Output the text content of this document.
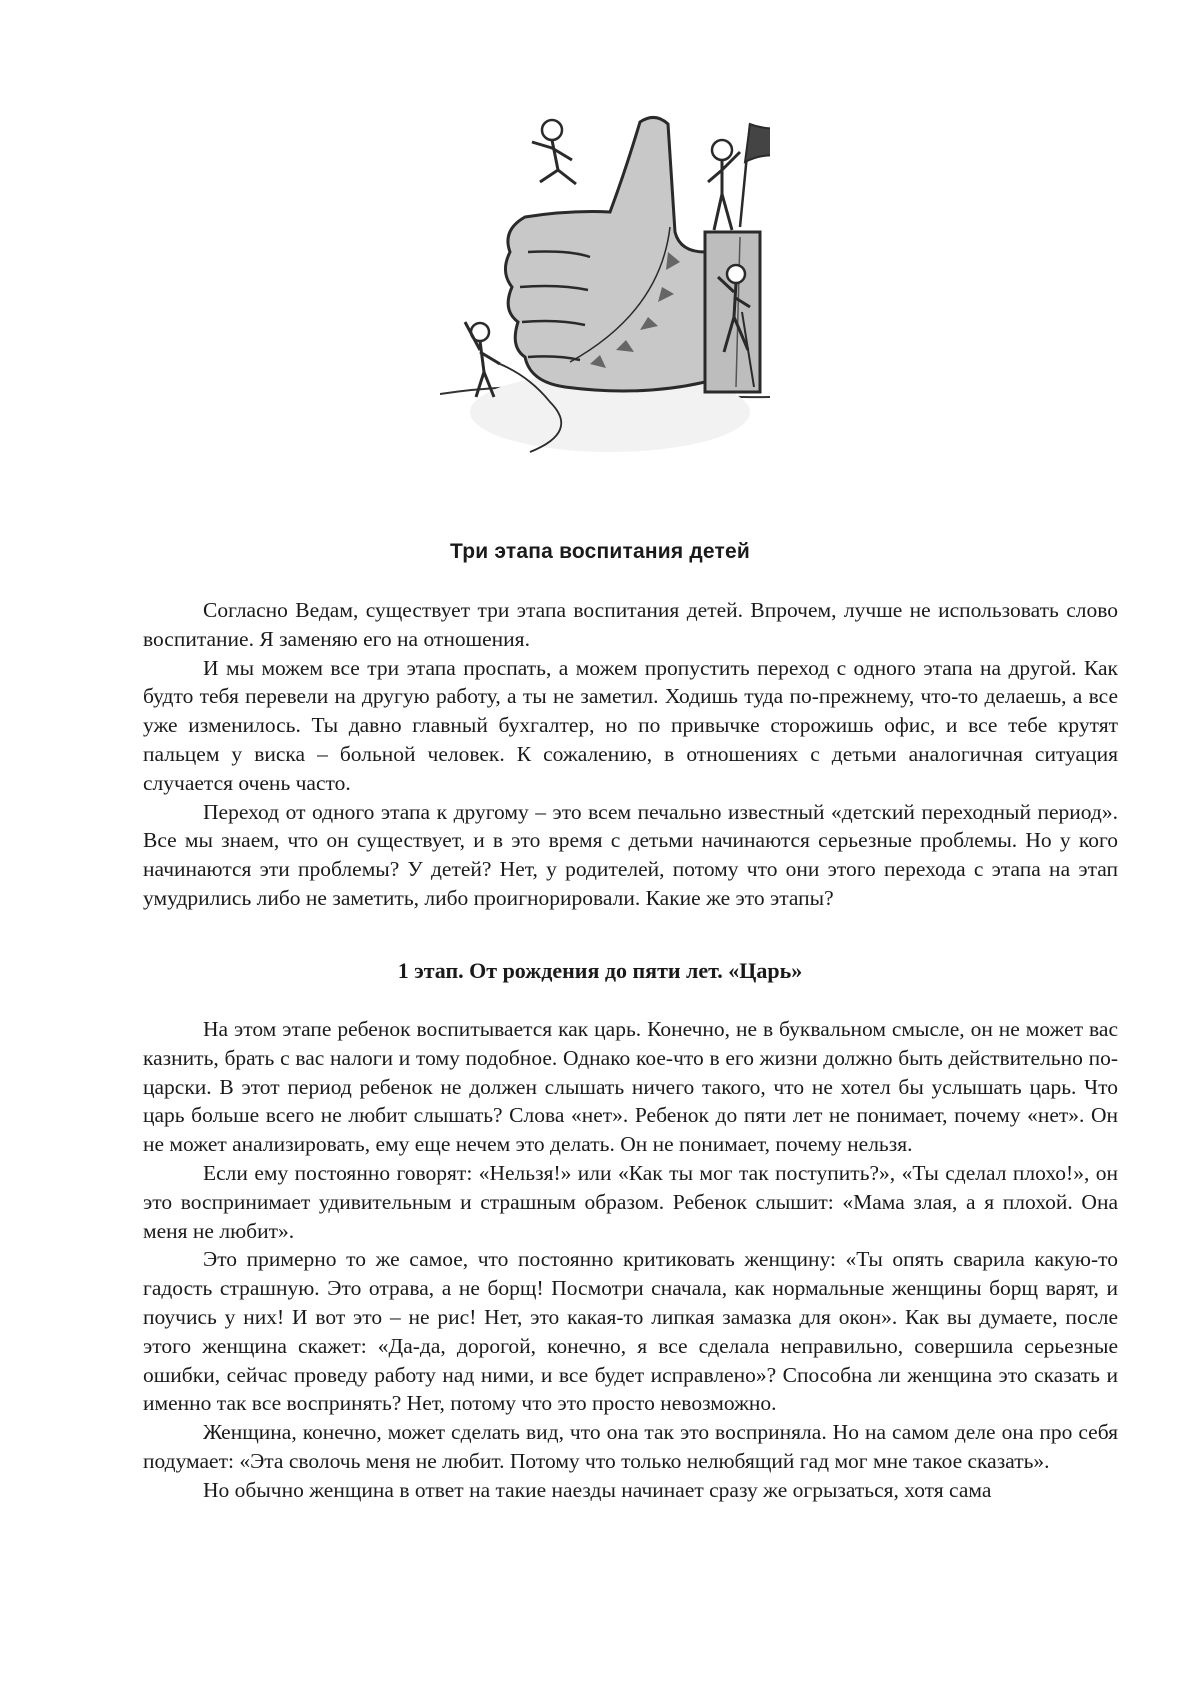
Три этапа воспитания детей

Согласно Ведам, существует три этапа воспитания детей. Впрочем, лучше не использовать слово воспитание. Я заменяю его на отношения.

И мы можем все три этапа проспать, а можем пропустить переход с одного этапа на другой. Как будто тебя перевели на другую работу, а ты не заметил. Ходишь туда по-прежнему, что-то делаешь, а все уже изменилось. Ты давно главный бухгалтер, но по привычке сторожишь офис, и все тебе крутят пальцем у виска – больной человек. К сожалению, в отношениях с детьми аналогичная ситуация случается очень часто.

Переход от одного этапа к другому – это всем печально известный «детский переходный период». Все мы знаем, что он существует, и в это время с детьми начинаются серьезные проблемы. Но у кого начинаются эти проблемы? У детей? Нет, у родителей, потому что они этого перехода с этапа на этап умудрились либо не заметить, либо проигнорировали. Какие же это этапы?

1 этап. От рождения до пяти лет. «Царь»

На этом этапе ребенок воспитывается как царь. Конечно, не в буквальном смысле, он не может вас казнить, брать с вас налоги и тому подобное. Однако кое-что в его жизни должно быть действительно по-царски. В этот период ребенок не должен слышать ничего такого, что не хотел бы услышать царь. Что царь больше всего не любит слышать? Слова «нет». Ребенок до пяти лет не понимает, почему «нет». Он не может анализировать, ему еще нечем это делать. Он не понимает, почему нельзя.

Если ему постоянно говорят: «Нельзя!» или «Как ты мог так поступить?», «Ты сделал плохо!», он это воспринимает удивительным и страшным образом. Ребенок слышит: «Мама злая, а я плохой. Она меня не любит».

Это примерно то же самое, что постоянно критиковать женщину: «Ты опять сварила какую-то гадость страшную. Это отрава, а не борщ! Посмотри сначала, как нормальные женщины борщ варят, и поучись у них! И вот это – не рис! Нет, это какая-то липкая замазка для окон». Как вы думаете, после этого женщина скажет: «Да-да, дорогой, конечно, я все сделала неправильно, совершила серьезные ошибки, сейчас проведу работу над ними, и все будет исправлено»? Способна ли женщина это сказать и именно так все воспринять? Нет, потому что это просто невозможно.

Женщина, конечно, может сделать вид, что она так это восприняла. Но на самом деле она про себя подумает: «Эта сволочь меня не любит. Потому что только нелюбящий гад мог мне такое сказать».

Но обычно женщина в ответ на такие наезды начинает сразу же огрызаться, хотя сама
